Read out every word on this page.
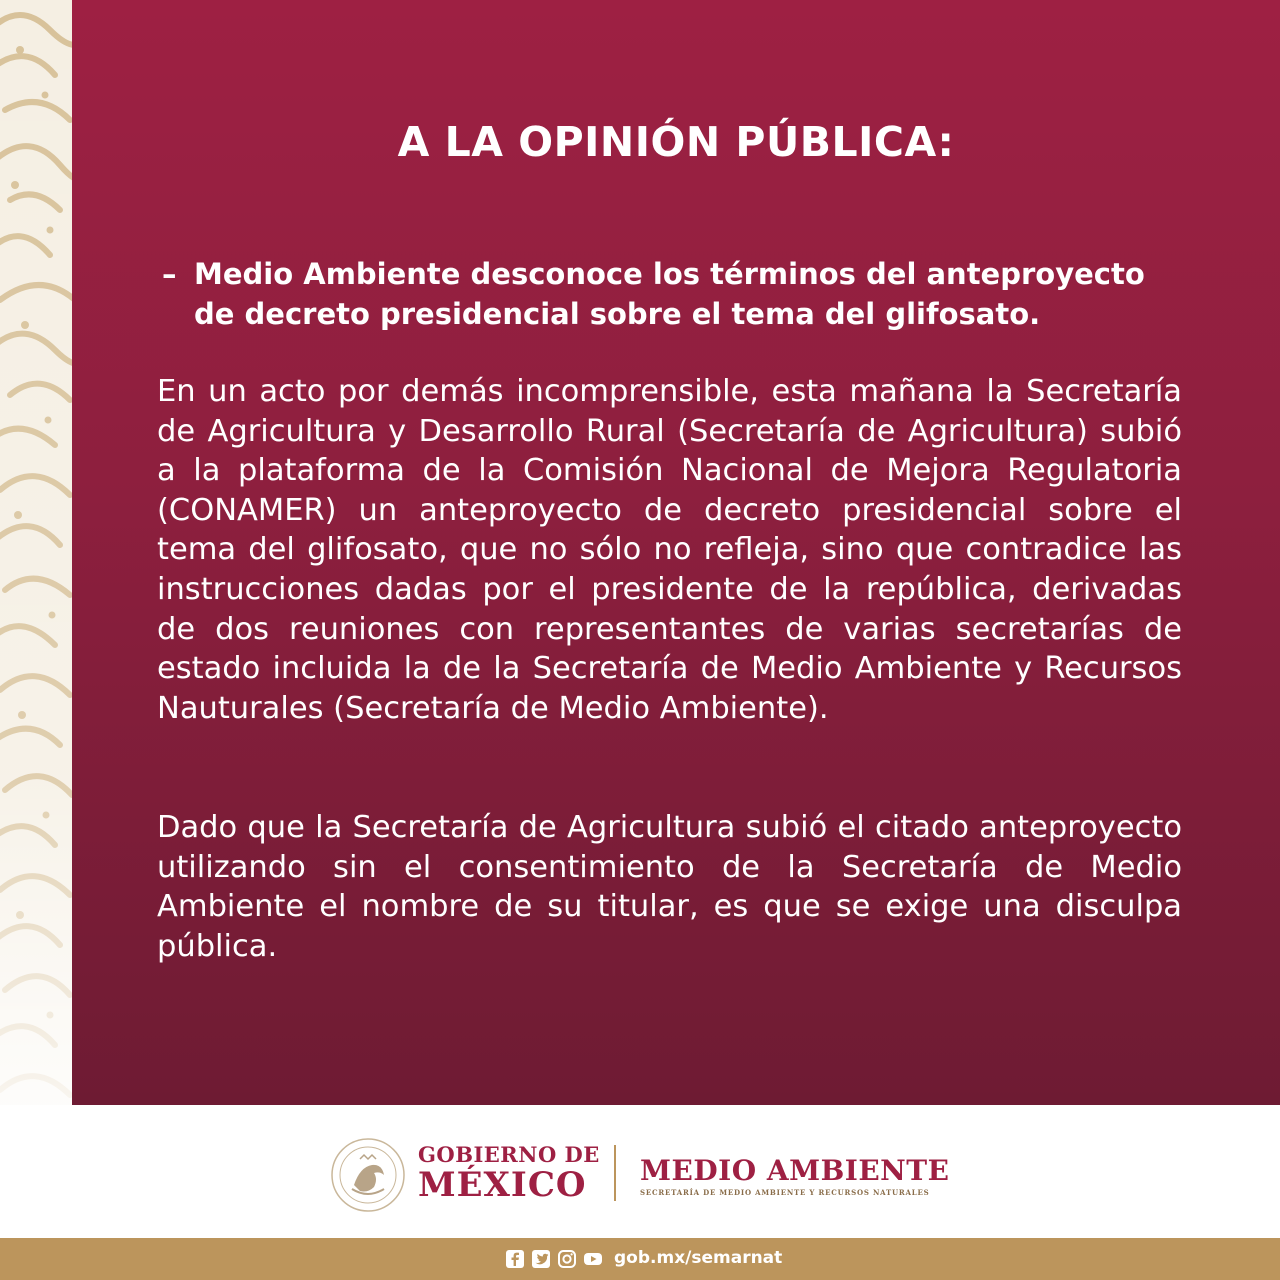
A LA OPINIÓN PÚBLICA:
– Medio Ambiente desconoce los términos del anteproyecto de decreto presidencial sobre el tema del glifosato.

En un acto por demás incomprensible, esta mañana la Secretaría de Agricultura y Desarrollo Rural (Secretaría de Agricultura) subió a la plataforma de la Comisión Nacional de Mejora Regulatoria (CONAMER) un anteproyecto de decreto presidencial sobre el tema del glifosato, que no sólo no refleja, sino que contradice las instrucciones dadas por el presidente de la república, derivadas de dos reuniones con representantes de varias secretarías de estado incluida la de la Secretaría de Medio Ambiente y Recursos Nauturales (Secretaría de Medio Ambiente).

Dado que la Secretaría de Agricultura subió el citado anteproyecto utilizando sin el consentimiento de la Secretaría de Medio Ambiente el nombre de su titular, es que se exige una disculpa pública.

GOBIERNO DE
MÉXICO	MEDIO AMBIENTE
SECRETARÍA DE MEDIO AMBIENTE Y RECURSOS NATURALES
gob.mx/semarnat
